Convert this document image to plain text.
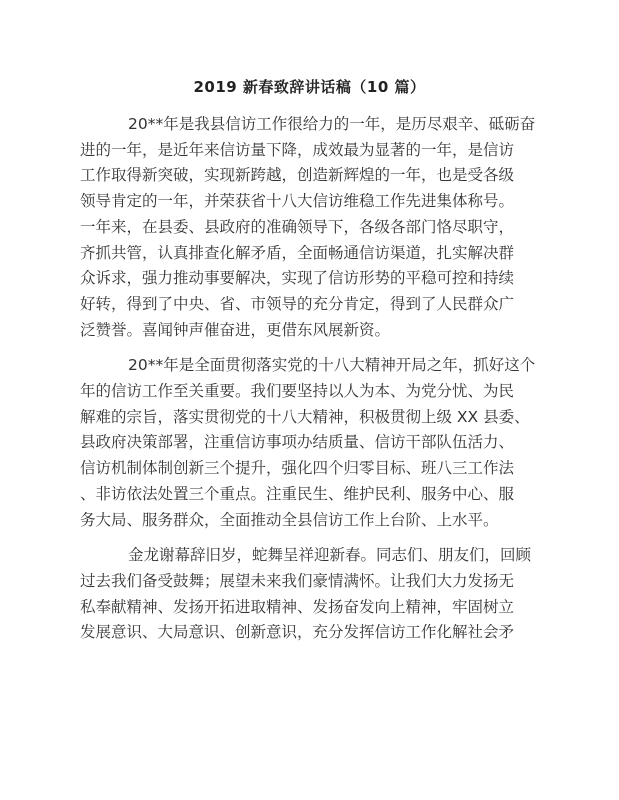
2019 新春致辞讲话稿（10 篇）
20**年是我县信访工作很给力的一年，是历尽艰辛、砥砺奋
进的一年，是近年来信访量下降，成效最为显著的一年，是信访
工作取得新突破，实现新跨越，创造新辉煌的一年，也是受各级
领导肯定的一年，并荣获省十八大信访维稳工作先进集体称号。
一年来，在县委、县政府的准确领导下，各级各部门恪尽职守，
齐抓共管，认真排查化解矛盾，全面畅通信访渠道，扎实解决群
众诉求，强力推动事要解决，实现了信访形势的平稳可控和持续
好转，得到了中央、省、市领导的充分肯定，得到了人民群众广
泛赞誉。喜闻钟声催奋进，更借东风展新资。
20**年是全面贯彻落实党的十八大精神开局之年，抓好这个
年的信访工作至关重要。我们要坚持以人为本、为党分忧、为民
解难的宗旨，落实贯彻党的十八大精神，积极贯彻上级 XX 县委、
县政府决策部署，注重信访事项办结质量、信访干部队伍活力、
信访机制体制创新三个提升，强化四个归零目标、班八三工作法
、非访依法处置三个重点。注重民生、维护民利、服务中心、服
务大局、服务群众，全面推动全县信访工作上台阶、上水平。
金龙谢幕辞旧岁，蛇舞呈祥迎新春。同志们、朋友们，回顾
过去我们备受鼓舞；展望未来我们豪情满怀。让我们大力发扬无
私奉献精神、发扬开拓进取精神、发扬奋发向上精神，牢固树立
发展意识、大局意识、创新意识，充分发挥信访工作化解社会矛
